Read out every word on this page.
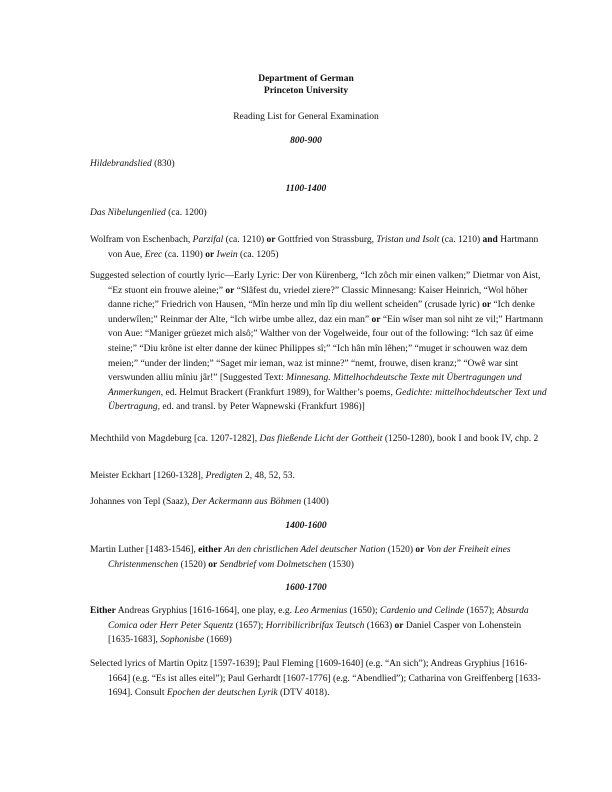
Department of German
Princeton University
Reading List for General Examination
800-900
Hildebrandslied (830)
1100-1400
Das Nibelungenlied (ca. 1200)
Wolfram von Eschenbach, Parzifal (ca. 1210) or Gottfried von Strassburg, Tristan und Isolt (ca. 1210) and Hartmann von Aue, Erec (ca. 1190) or Iwein (ca. 1205)
Suggested selection of courtly lyric—Early Lyric: Der von Kürenberg, “Ich zôch mir einen valken;” Dietmar von Aist, “Ez stuont ein frouwe aleine;” or “Slâfest du, vriedel ziere?” Classic Minnesang: Kaiser Heinrich, “Wol höher danne riche;” Friedrich von Hausen, “Mîn herze und mîn lîp diu wellent scheiden” (crusade lyric) or “Ich denke underwîlen;” Reinmar der Alte, “Ich wirbe umbe allez, daz ein man” or “Ein wîser man sol niht ze vil;” Hartmann von Aue: “Maniger grüezet mich alsô;” Walther von der Vogelweide, four out of the following: “Ich saz ûf eime steine;” “Diu krône ist elter danne der künec Philippes sî;” “Ich hân mîn lêhen;” “muget ir schouwen waz dem meien;” “under der linden;” “Saget mir ieman, waz ist minne?” “nemt, frouwe, disen kranz;” “Owê war sint verswunden alliu mîniu jâr!” [Suggested Text: Minnesang. Mittelhochdeutsche Texte mit Übertragungen und Anmerkungen, ed. Helmut Brackert (Frankfurt 1989), for Walther’s poems, Gedichte: mittelhochdeutscher Text und Übertragung, ed. and transl. by Peter Wapnewski (Frankfurt 1986)]
Mechthild von Magdeburg [ca. 1207-1282], Das fließende Licht der Gottheit (1250-1280), book I and book IV, chp. 2
Meister Eckhart [1260-1328], Predigten 2, 48, 52, 53.
Johannes von Tepl (Saaz), Der Ackermann aus Böhmen (1400)
1400-1600
Martin Luther [1483-1546], either An den christlichen Adel deutscher Nation (1520) or Von der Freiheit eines Christenmenschen (1520) or Sendbrief vom Dolmetschen (1530)
1600-1700
Either Andreas Gryphius [1616-1664], one play, e.g. Leo Armenius (1650); Cardenio und Celinde (1657); Absurda Comica oder Herr Peter Squentz (1657); Horribilicribrifax Teutsch (1663) or Daniel Casper von Lohenstein [1635-1683], Sophonisbe (1669)
Selected lyrics of Martin Opitz [1597-1639]; Paul Fleming [1609-1640] (e.g. “An sich”); Andreas Gryphius [1616-1664] (e.g. “Es ist alles eitel”); Paul Gerhardt [1607-1776] (e.g. “Abendlied”); Catharina von Greiffenberg [1633-1694]. Consult Epochen der deutschen Lyrik (DTV 4018).
